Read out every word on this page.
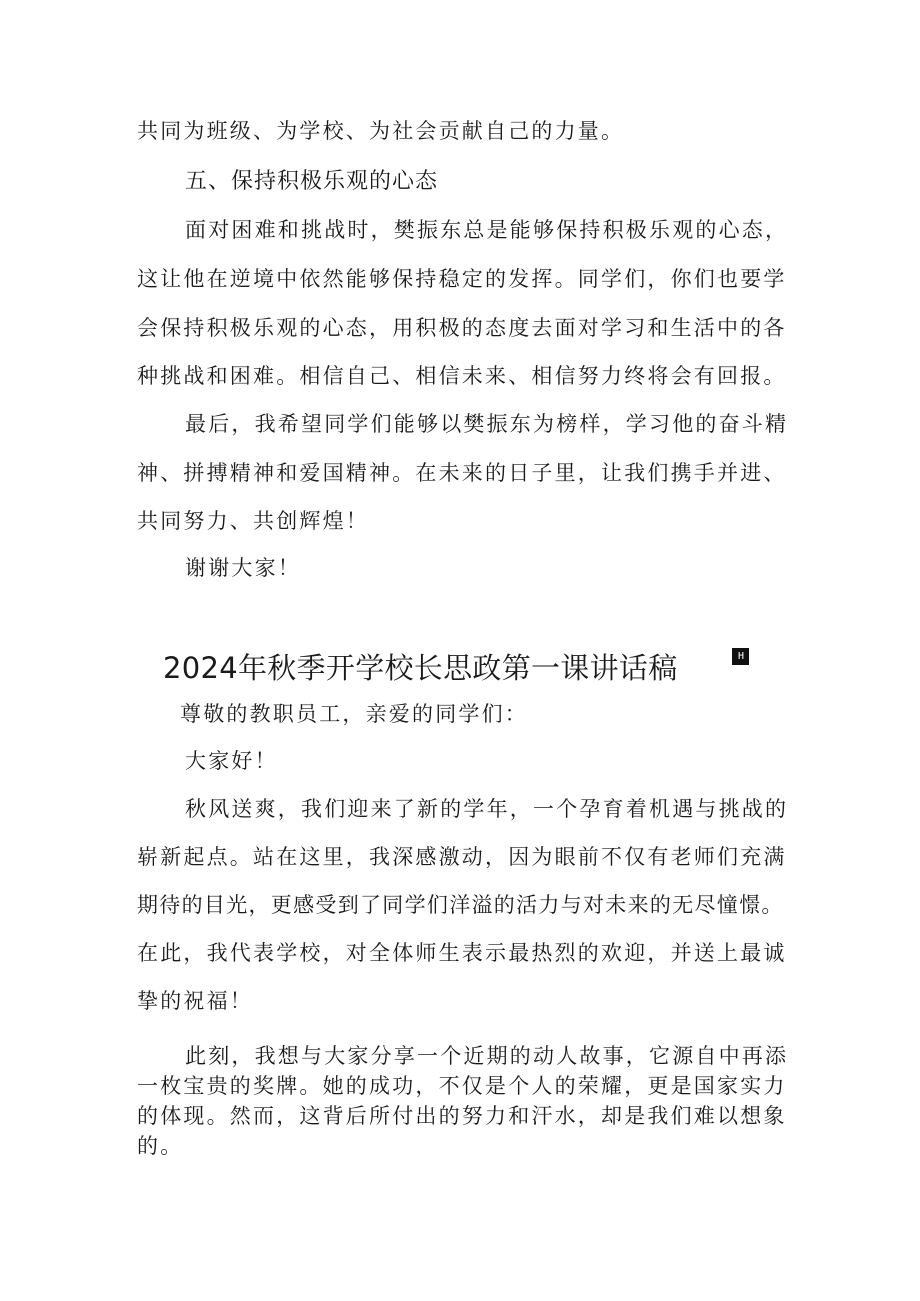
共同为班级、为学校、为社会贡献自己的力量。
五、保持积极乐观的心态
面对困难和挑战时，樊振东总是能够保持积极乐观的心态，
这让他在逆境中依然能够保持稳定的发挥。同学们，你们也要学
会保持积极乐观的心态，用积极的态度去面对学习和生活中的各
种挑战和困难。相信自己、相信未来、相信努力终将会有回报。
最后，我希望同学们能够以樊振东为榜样，学习他的奋斗精
神、拼搏精神和爱国精神。在未来的日子里，让我们携手并进、
共同努力、共创辉煌！
谢谢大家！
2024年秋季开学校长思政第一课讲话稿	H
尊敬的教职员工，亲爱的同学们：
大家好！
秋风送爽，我们迎来了新的学年，一个孕育着机遇与挑战的
崭新起点。站在这里，我深感激动，因为眼前不仅有老师们充满
期待的目光，更感受到了同学们洋溢的活力与对未来的无尽憧憬。
在此，我代表学校，对全体师生表示最热烈的欢迎，并送上最诚
挚的祝福！
此刻，我想与大家分享一个近期的动人故事，它源自中再添
一枚宝贵的奖牌。她的成功，不仅是个人的荣耀，更是国家实力
的体现。然而，这背后所付出的努力和汗水，却是我们难以想象
的。
